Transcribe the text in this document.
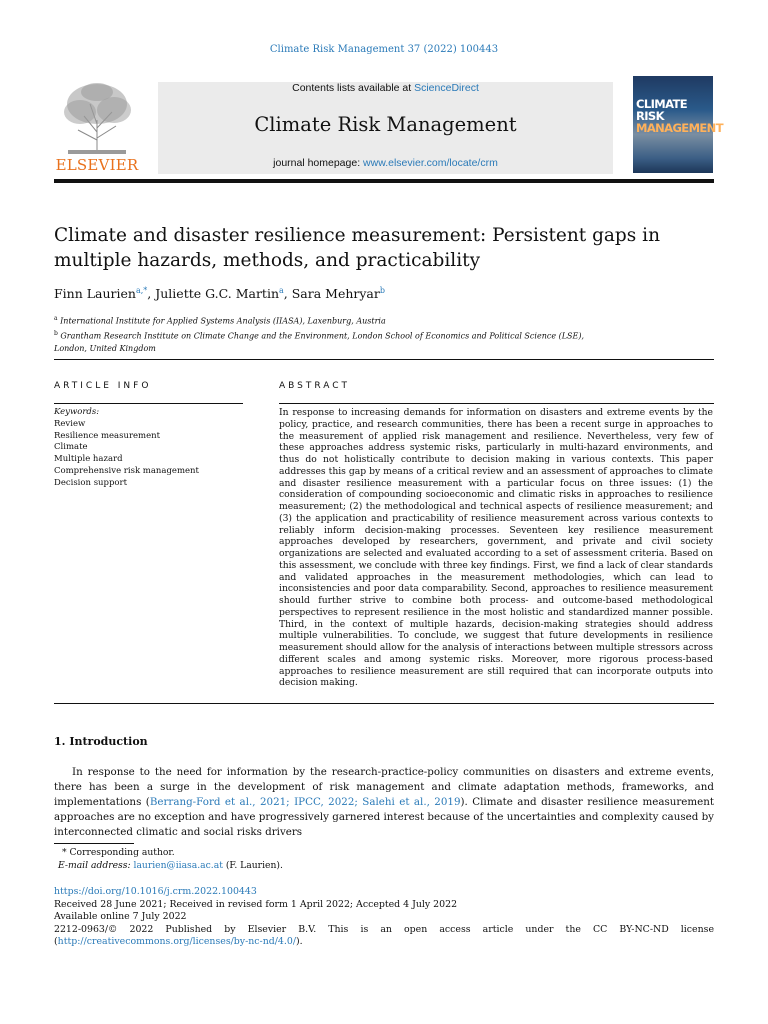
Climate Risk Management 37 (2022) 100443
ELSEVIER
Contents lists available at ScienceDirect
Climate Risk Management
journal homepage: www.elsevier.com/locate/crm
CLIMATE RISK
MANAGEMENT
Climate and disaster resilience measurement: Persistent gaps in
multiple hazards, methods, and practicability
Finn Laurien$^{a,*}$, Juliette G.C. Martin$^a$, Sara Mehryar$^b$
$^a$ International Institute for Applied Systems Analysis (IIASA), Laxenburg, Austria
$^b$ Grantham Research Institute on Climate Change and the Environment, London School of Economics and Political Science (LSE), London, United Kingdom
ARTICLE INFO
Keywords:
Review
Resilience measurement
Climate
Multiple hazard
Comprehensive risk management
Decision support
ABSTRACT
In response to increasing demands for information on disasters and extreme events by the policy, practice, and research communities, there has been a recent surge in approaches to the measurement of applied risk management and resilience. Nevertheless, very few of these approaches address systemic risks, particularly in multi-hazard environments, and thus do not holistically contribute to decision making in various contexts. This paper addresses this gap by means of a critical review and an assessment of approaches to climate and disaster resilience measurement with a particular focus on three issues: (1) the consideration of compounding socioeconomic and climatic risks in approaches to resilience measurement; (2) the methodological and technical aspects of resilience measurement; and (3) the application and practicability of resilience measurement across various contexts to reliably inform decision-making processes. Seventeen key resilience measurement approaches developed by researchers, government, and private and civil society organizations are selected and evaluated according to a set of assessment criteria. Based on this assessment, we conclude with three key findings. First, we find a lack of clear standards and validated approaches in the measurement methodologies, which can lead to inconsistencies and poor data comparability. Second, approaches to resilience measurement should further strive to combine both process- and outcome-based methodological perspectives to represent resilience in the most holistic and standardized manner possible. Third, in the context of multiple hazards, decision-making strategies should address multiple vulnerabilities. To conclude, we suggest that future developments in resilience measurement should allow for the analysis of interactions between multiple stressors across different scales and among systemic risks. Moreover, more rigorous process-based approaches to resilience measurement are still required that can incorporate outputs into decision making.
1. Introduction
In response to the need for information by the research-practice-policy communities on disasters and extreme events, there has been a surge in the development of risk management and climate adaptation methods, frameworks, and implementations (Berrang-Ford et al., 2021; IPCC, 2022; Salehi et al., 2019). Climate and disaster resilience measurement approaches are no exception and have progressively garnered interest because of the uncertainties and complexity caused by interconnected climatic and social risks drivers
* Corresponding author.
E-mail address: laurien@iiasa.ac.at (F. Laurien).
https://doi.org/10.1016/j.crm.2022.100443
Received 28 June 2021; Received in revised form 1 April 2022; Accepted 4 July 2022
Available online 7 July 2022
2212-0963/© 2022 Published by Elsevier B.V. This is an open access article under the CC BY-NC-ND license
(http://creativecommons.org/licenses/by-nc-nd/4.0/).
